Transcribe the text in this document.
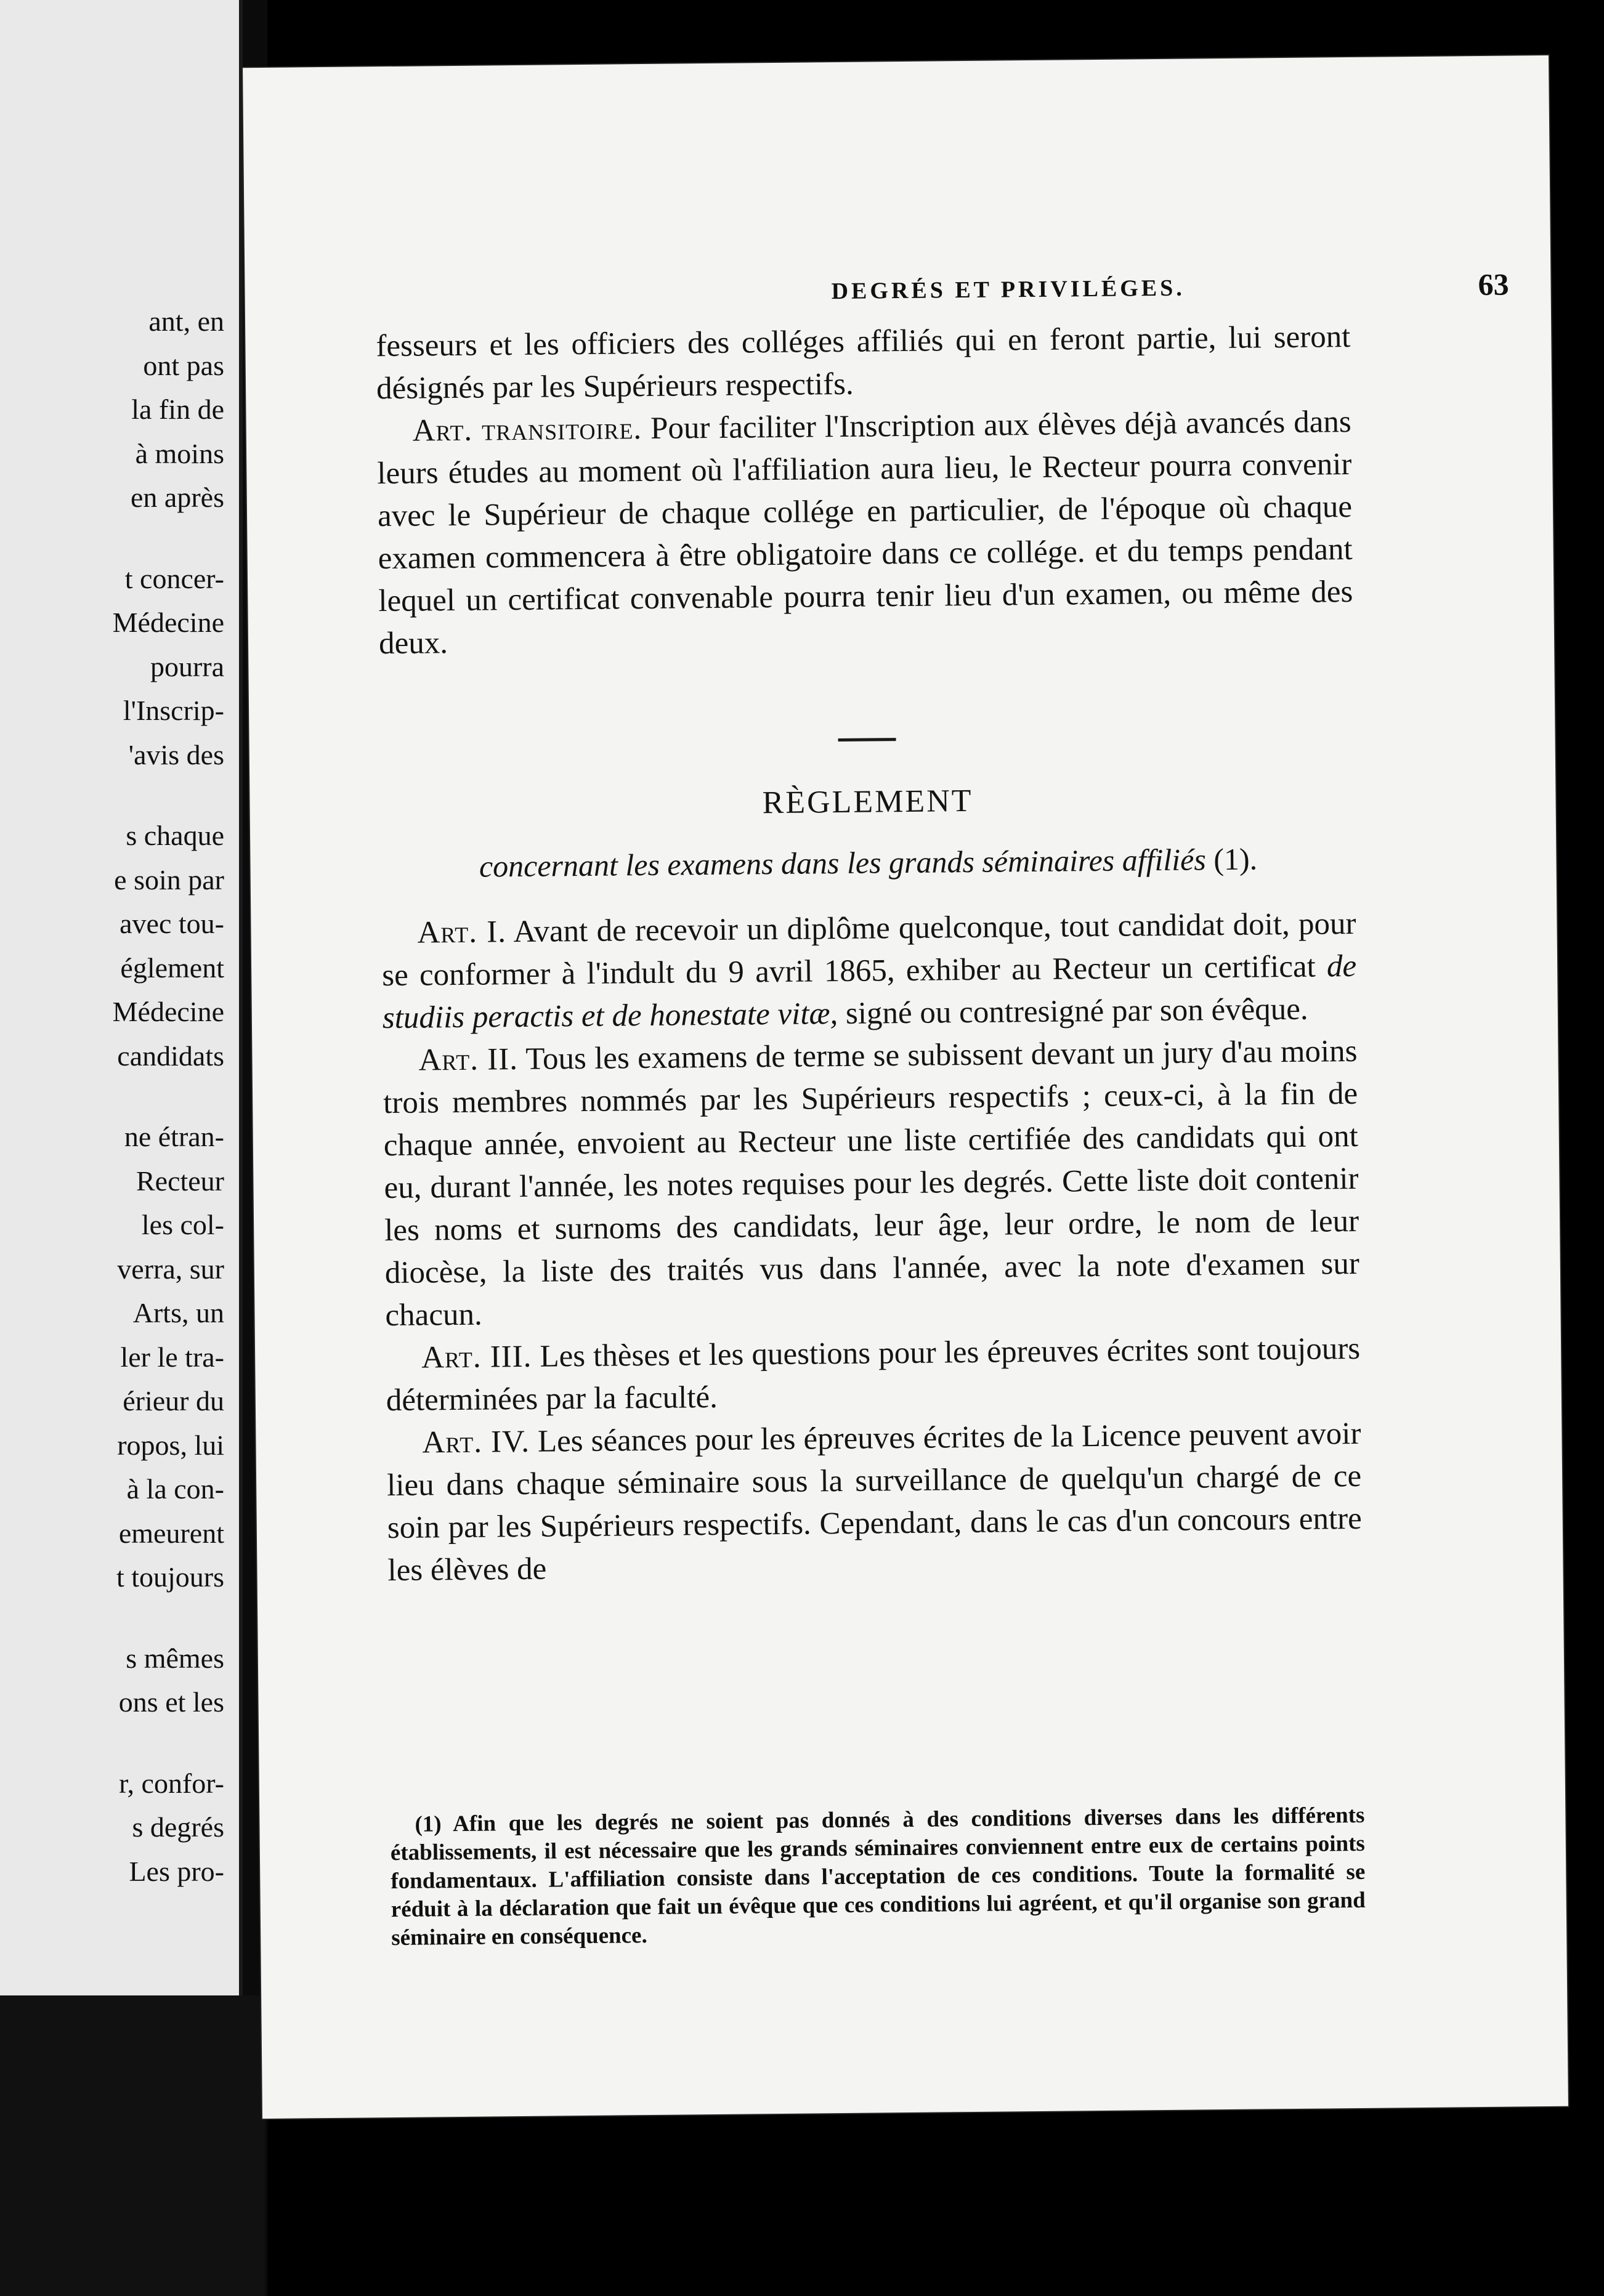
ant, en
ont pas
la fin de
à moins
en après
t concer-
Médecine
pourra
l'Inscrip-
'avis des
s chaque
e soin par
avec tou-
églement
Médecine
candidats
ne étran-
Recteur
les col-
verra, sur
Arts, un
ler le tra-
érieur du
ropos, lui
à la con-
emeurent
t toujours
s mêmes
ons et les
r, confor-
s degrés
Les pro-
DEGRÉS ET PRIVILÉGES.	63

fesseurs et les officiers des colléges affiliés qui en feront partie, lui seront désignés par les Supérieurs respectifs.

Art. transitoire. Pour faciliter l'Inscription aux élèves déjà avancés dans leurs études au moment où l'affiliation aura lieu, le Recteur pourra convenir avec le Supérieur de chaque collége en particulier, de l'époque où chaque examen commencera à être obligatoire dans ce collége. et du temps pendant lequel un certificat convenable pourra tenir lieu d'un examen, ou même des deux.

RÈGLEMENT
concernant les examens dans les grands séminaires affiliés (1).

Art. I. Avant de recevoir un diplôme quelconque, tout candidat doit, pour se conformer à l'indult du 9 avril 1865, exhiber au Recteur un certificat de studiis peractis et de honestate vitæ, signé ou contresigné par son évêque.

Art. II. Tous les examens de terme se subissent devant un jury d'au moins trois membres nommés par les Supérieurs respectifs ; ceux-ci, à la fin de chaque année, envoient au Recteur une liste certifiée des candidats qui ont eu, durant l'année, les notes requises pour les degrés. Cette liste doit contenir les noms et surnoms des candidats, leur âge, leur ordre, le nom de leur diocèse, la liste des traités vus dans l'année, avec la note d'examen sur chacun.

Art. III. Les thèses et les questions pour les épreuves écrites sont toujours déterminées par la faculté.

Art. IV. Les séances pour les épreuves écrites de la Licence peuvent avoir lieu dans chaque séminaire sous la surveillance de quelqu'un chargé de ce soin par les Supérieurs respectifs. Cependant, dans le cas d'un concours entre les élèves de

(1) Afin que les degrés ne soient pas donnés à des conditions diverses dans les différents établissements, il est nécessaire que les grands séminaires conviennent entre eux de certains points fondamentaux. L'affiliation consiste dans l'acceptation de ces conditions. Toute la formalité se réduit à la déclaration que fait un évêque que ces conditions lui agréent, et qu'il organise son grand séminaire en conséquence.
